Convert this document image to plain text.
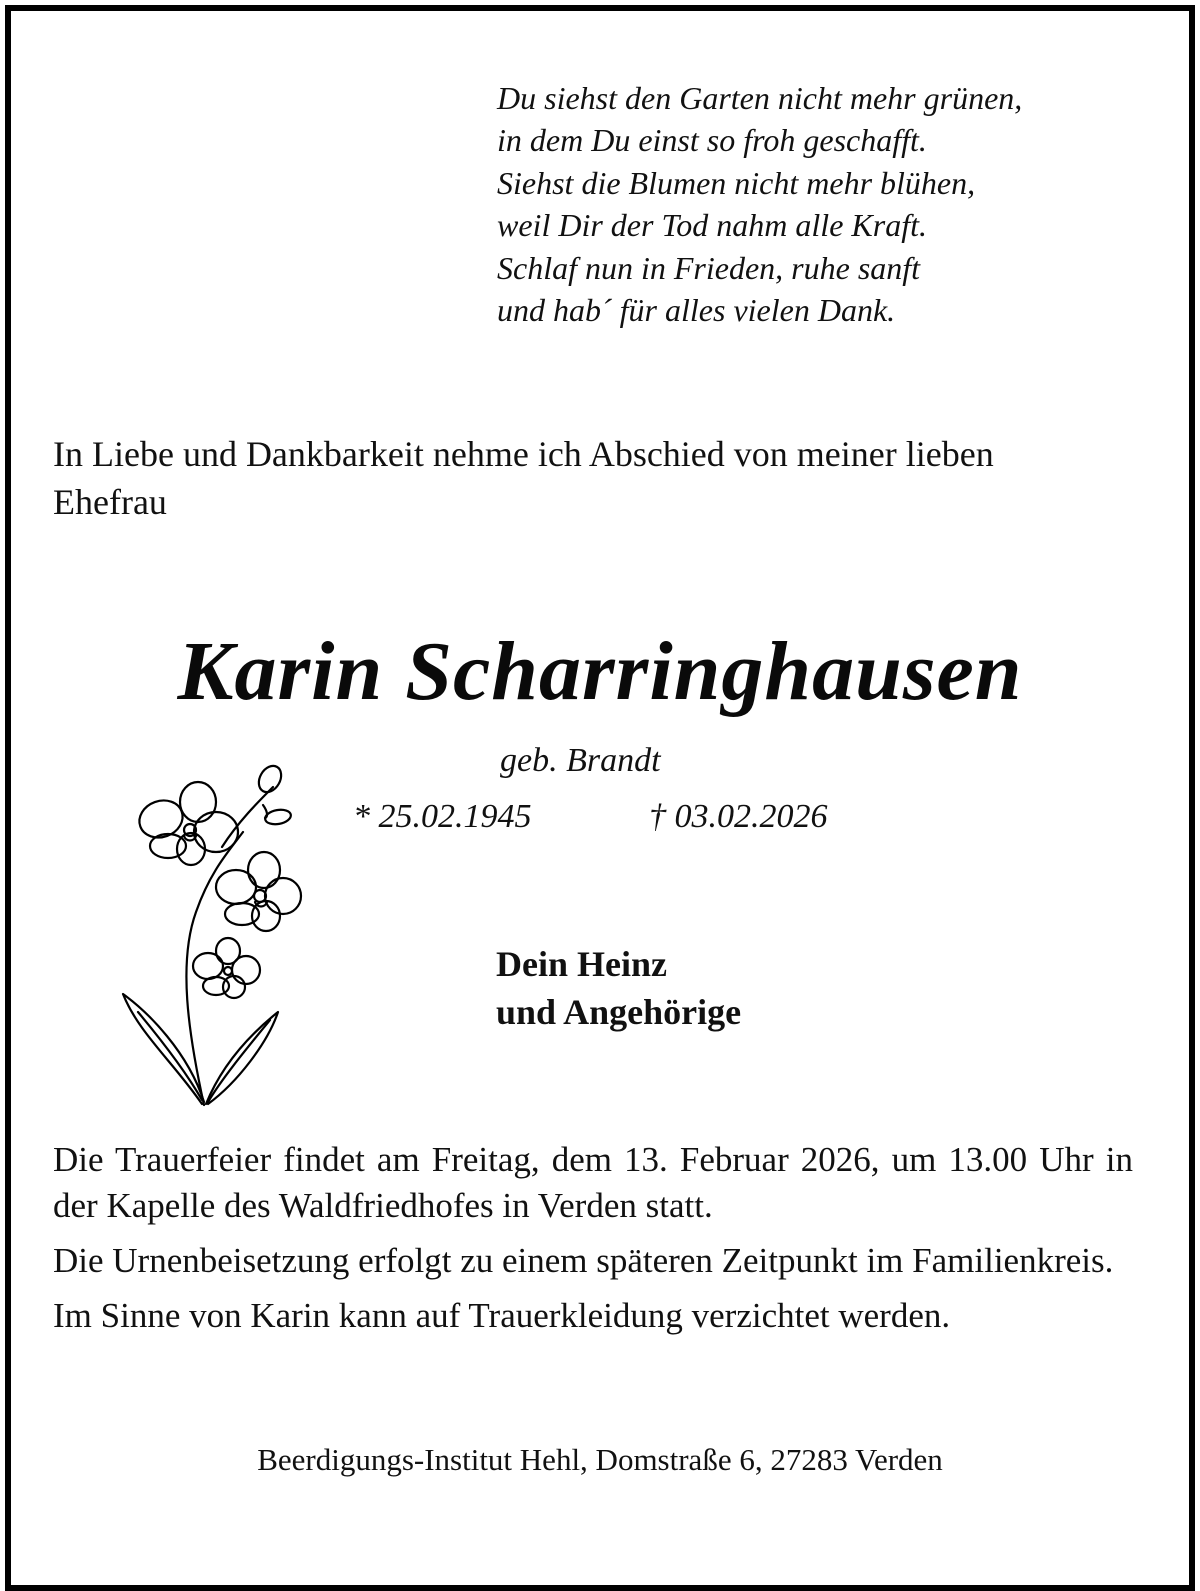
Du siehst den Garten nicht mehr grünen,
in dem Du einst so froh geschafft.
Siehst die Blumen nicht mehr blühen,
weil Dir der Tod nahm alle Kraft.
Schlaf nun in Frieden, ruhe sanft
und hab´ für alles vielen Dank.
In Liebe und Dankbarkeit nehme ich Abschied von meiner lieben
Ehefrau
Karin Scharringhausen
geb. Brandt
* 25.02.1945	† 03.02.2026
Dein Heinz
und Angehörige

Die Trauerfeier findet am Freitag, dem 13. Februar 2026, um 13.00 Uhr in der Kapelle des Waldfriedhofes in Verden statt.

Die Urnenbeisetzung erfolgt zu einem späteren Zeitpunkt im Familienkreis.

Im Sinne von Karin kann auf Trauerkleidung verzichtet werden.

Beerdigungs-Institut Hehl, Domstraße 6, 27283 Verden
